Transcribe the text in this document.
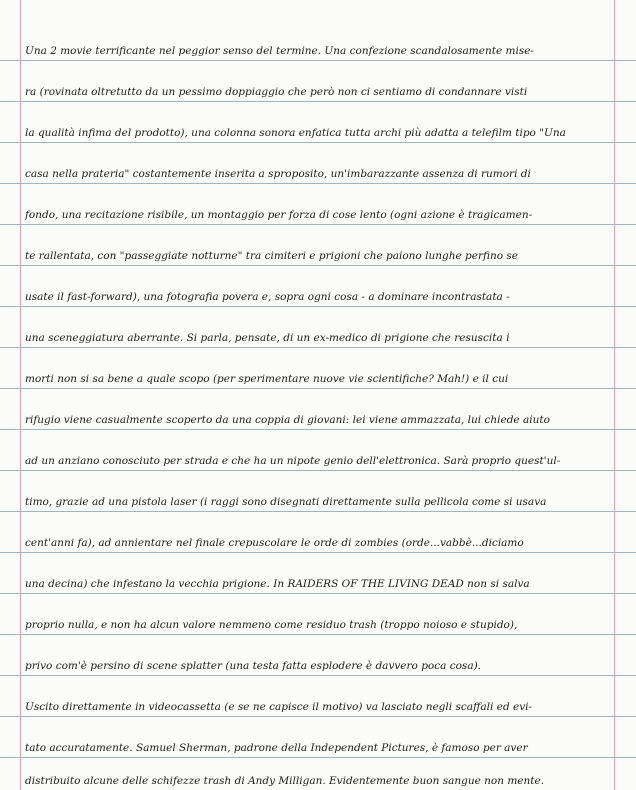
Una 2 movie terrificante nel peggior senso del termine. Una confezione scandalosamente mise-
ra (rovinata oltretutto da un pessimo doppiaggio che però non ci sentiamo di condannare visti
la qualità infima del prodotto), una colonna sonora enfatica tutta archi più adatta a telefilm tipo "Una
casa nella prateria" costantemente inserita a sproposito, un'imbarazzante assenza di rumori di
fondo, una recitazione risibile, un montaggio per forza di cose lento (ogni azione è tragicamen-
te rallentata, con "passeggiate notturne" tra cimiteri e prigioni che paiono lunghe perfino se
usate il fast-forward), una fotografia povera e, sopra ogni cosa - a dominare incontrastata -
una sceneggiatura aberrante. Si parla, pensate, di un ex-medico di prigione che resuscita i
morti non si sa bene a quale scopo (per sperimentare nuove vie scientifiche? Mah!) e il cui
rifugio viene casualmente scoperto da una coppia di giovani: lei viene ammazzata, lui chiede aiuto
ad un anziano conosciuto per strada e che ha un nipote genio dell'elettronica. Sarà proprio quest'ul-
timo, grazie ad una pistola laser (i raggi sono disegnati direttamente sulla pellicola come si usava
cent'anni fa), ad annientare nel finale crepuscolare le orde di zombies (orde...vabbè...diciamo
una decina) che infestano la vecchia prigione. In RAIDERS OF THE LIVING DEAD non si salva
proprio nulla, e non ha alcun valore nemmeno come residuo trash (troppo noioso e stupido),
privo com'è persino di scene splatter (una testa fatta esplodere è davvero poca cosa).
Uscito direttamente in videocassetta (e se ne capisce il motivo) va lasciato negli scaffali ed evi-
tato accuratamente. Samuel Sherman, padrone della Independent Pictures, è famoso per aver
distribuito alcune delle schifezze trash di Andy Milligan. Evidentemente buon sangue non mente.
